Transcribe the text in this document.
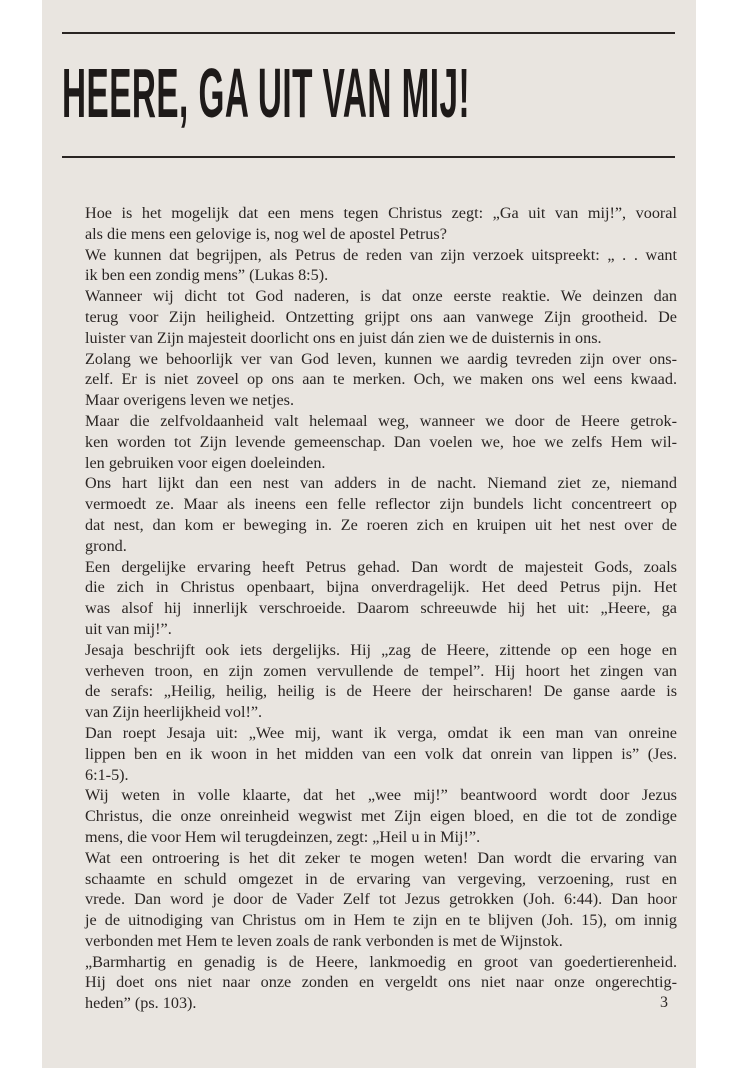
HEERE, GA UIT VAN MIJ!
Hoe is het mogelijk dat een mens tegen Christus zegt: „Ga uit van mij!”, vooral
als die mens een gelovige is, nog wel de apostel Petrus?
We kunnen dat begrijpen, als Petrus de reden van zijn verzoek uitspreekt: „ . . want
ik ben een zondig mens” (Lukas 8:5).
Wanneer wij dicht tot God naderen, is dat onze eerste reaktie. We deinzen dan
terug voor Zijn heiligheid. Ontzetting grijpt ons aan vanwege Zijn grootheid. De
luister van Zijn majesteit doorlicht ons en juist dán zien we de duisternis in ons.
Zolang we behoorlijk ver van God leven, kunnen we aardig tevreden zijn over ons-
zelf. Er is niet zoveel op ons aan te merken. Och, we maken ons wel eens kwaad.
Maar overigens leven we netjes.
Maar die zelfvoldaanheid valt helemaal weg, wanneer we door de Heere getrok-
ken worden tot Zijn levende gemeenschap. Dan voelen we, hoe we zelfs Hem wil-
len gebruiken voor eigen doeleinden.
Ons hart lijkt dan een nest van adders in de nacht. Niemand ziet ze, niemand
vermoedt ze. Maar als ineens een felle reflector zijn bundels licht concentreert op
dat nest, dan kom er beweging in. Ze roeren zich en kruipen uit het nest over de
grond.
Een dergelijke ervaring heeft Petrus gehad. Dan wordt de majesteit Gods, zoals
die zich in Christus openbaart, bijna onverdragelijk. Het deed Petrus pijn. Het
was alsof hij innerlijk verschroeide. Daarom schreeuwde hij het uit: „Heere, ga
uit van mij!”.
Jesaja beschrijft ook iets dergelijks. Hij „zag de Heere, zittende op een hoge en
verheven troon, en zijn zomen vervullende de tempel”. Hij hoort het zingen van
de serafs: „Heilig, heilig, heilig is de Heere der heirscharen! De ganse aarde is
van Zijn heerlijkheid vol!”.
Dan roept Jesaja uit: „Wee mij, want ik verga, omdat ik een man van onreine
lippen ben en ik woon in het midden van een volk dat onrein van lippen is” (Jes.
6:1-5).
Wij weten in volle klaarte, dat het „wee mij!” beantwoord wordt door Jezus
Christus, die onze onreinheid wegwist met Zijn eigen bloed, en die tot de zondige
mens, die voor Hem wil terugdeinzen, zegt: „Heil u in Mij!”.
Wat een ontroering is het dit zeker te mogen weten! Dan wordt die ervaring van
schaamte en schuld omgezet in de ervaring van vergeving, verzoening, rust en
vrede. Dan word je door de Vader Zelf tot Jezus getrokken (Joh. 6:44). Dan hoor
je de uitnodiging van Christus om in Hem te zijn en te blijven (Joh. 15), om innig
verbonden met Hem te leven zoals de rank verbonden is met de Wijnstok.
„Barmhartig en genadig is de Heere, lankmoedig en groot van goedertierenheid.
Hij doet ons niet naar onze zonden en vergeldt ons niet naar onze ongerechtig-
heden” (ps. 103).	3
